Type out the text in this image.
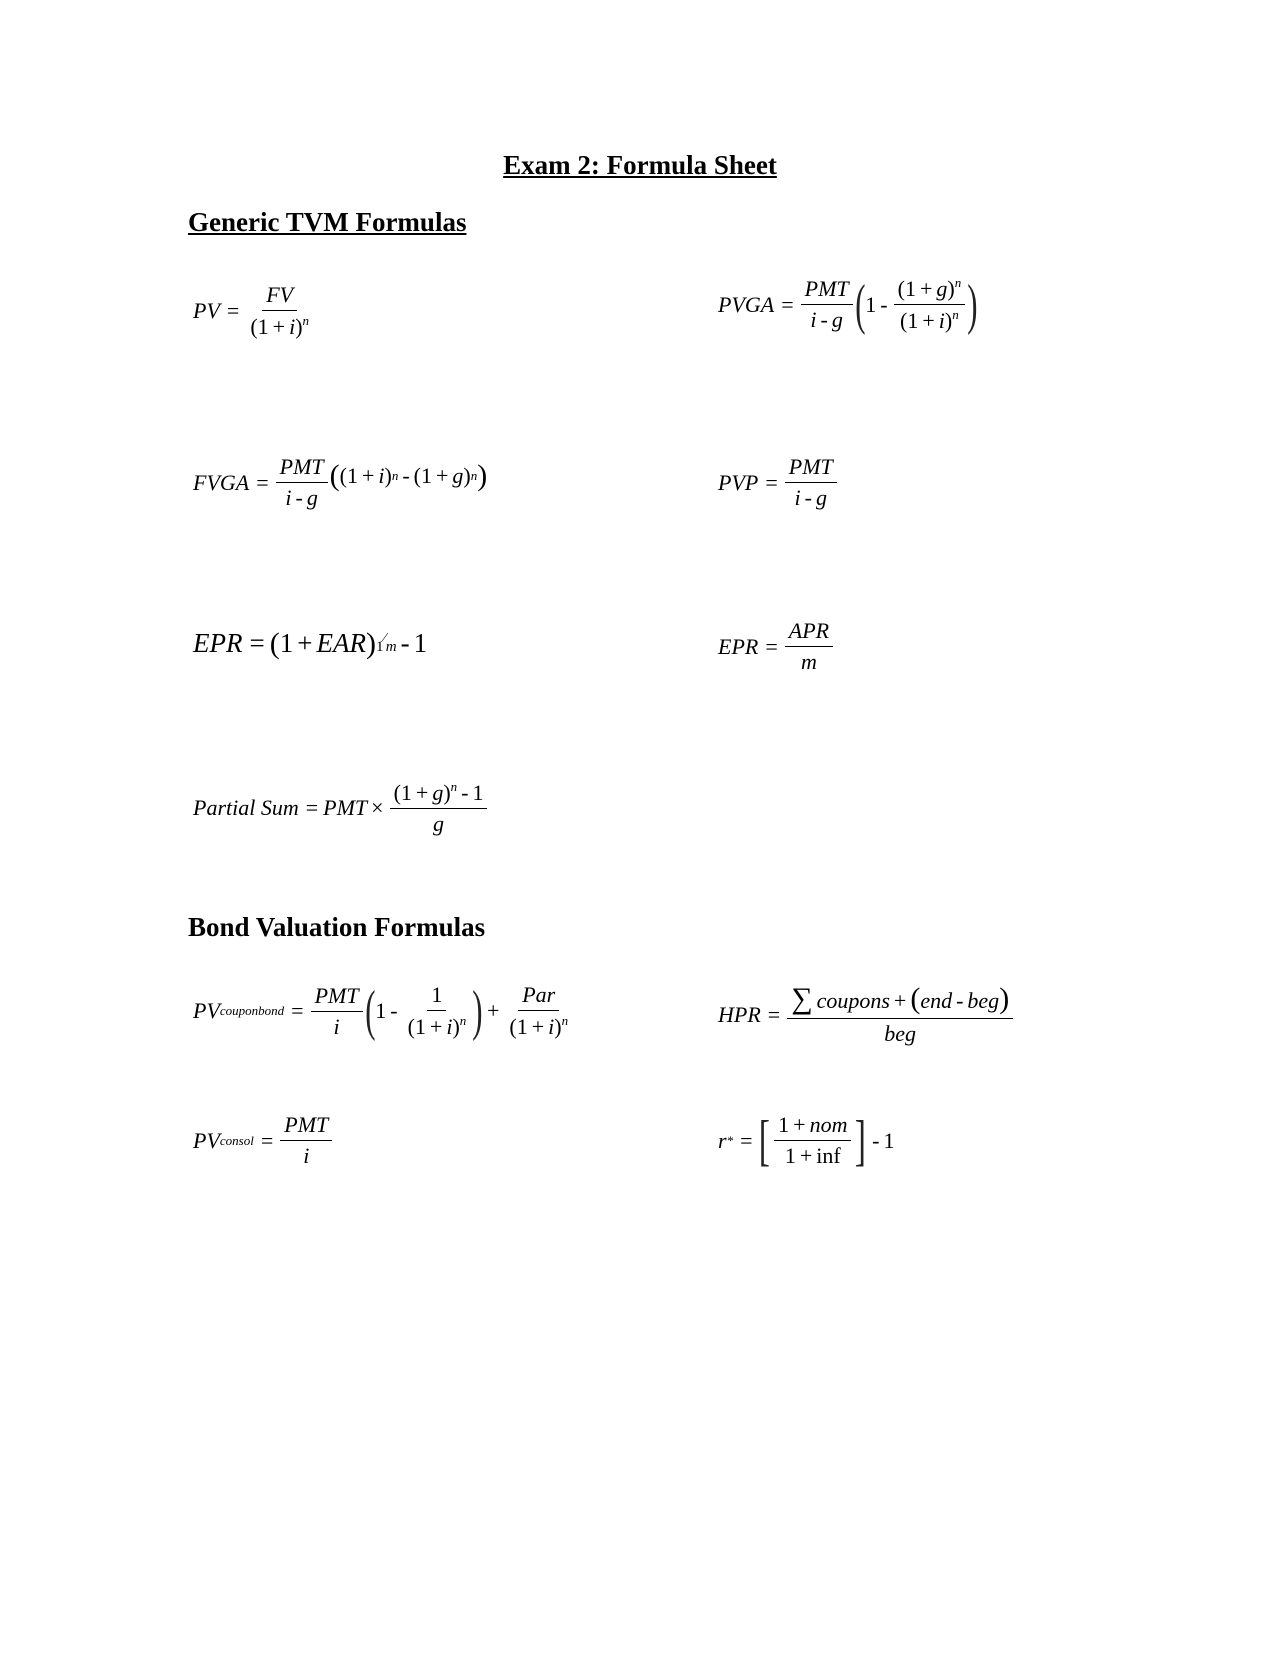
Exam 2: Formula Sheet
Generic TVM Formulas
PV = $\frac{FV}{(1 + i)^n}$	PVGA = $\frac{\text{PMT}}{i - g}$ ( $1 - \frac{(1 + g)^n}{(1 + i)^n}$ )
FVGA = $\frac{\text{PMT}}{i - g}$ ( ( 1 + i ) n - ( 1 + g ) n )	PVP = $\frac{\text{PMT}}{i - g}$
EPR = ( 1 + EAR ) 1⁄m - 1	EPR = $\frac{\text{APR}}{m}$
Partial Sum = PMT × $\frac{(1 + g)^n - 1}{g}$
Bond Valuation Formulas
PV couponbond = $\frac{\text{PMT}}{i}$ ( $1 - \frac{1}{(1 + i)^n}$ ) + $\frac{\text{Par}}{(1 + i)^n}$	HPR = $\frac{\text{∑ coupons + (end - beg)}}{\text{beg}}$
PV consol = $\frac{\text{PMT}}{i}$	r * = [ $\frac{\text{1 + nom}}{\text{1 + inf}}$ ] - 1
